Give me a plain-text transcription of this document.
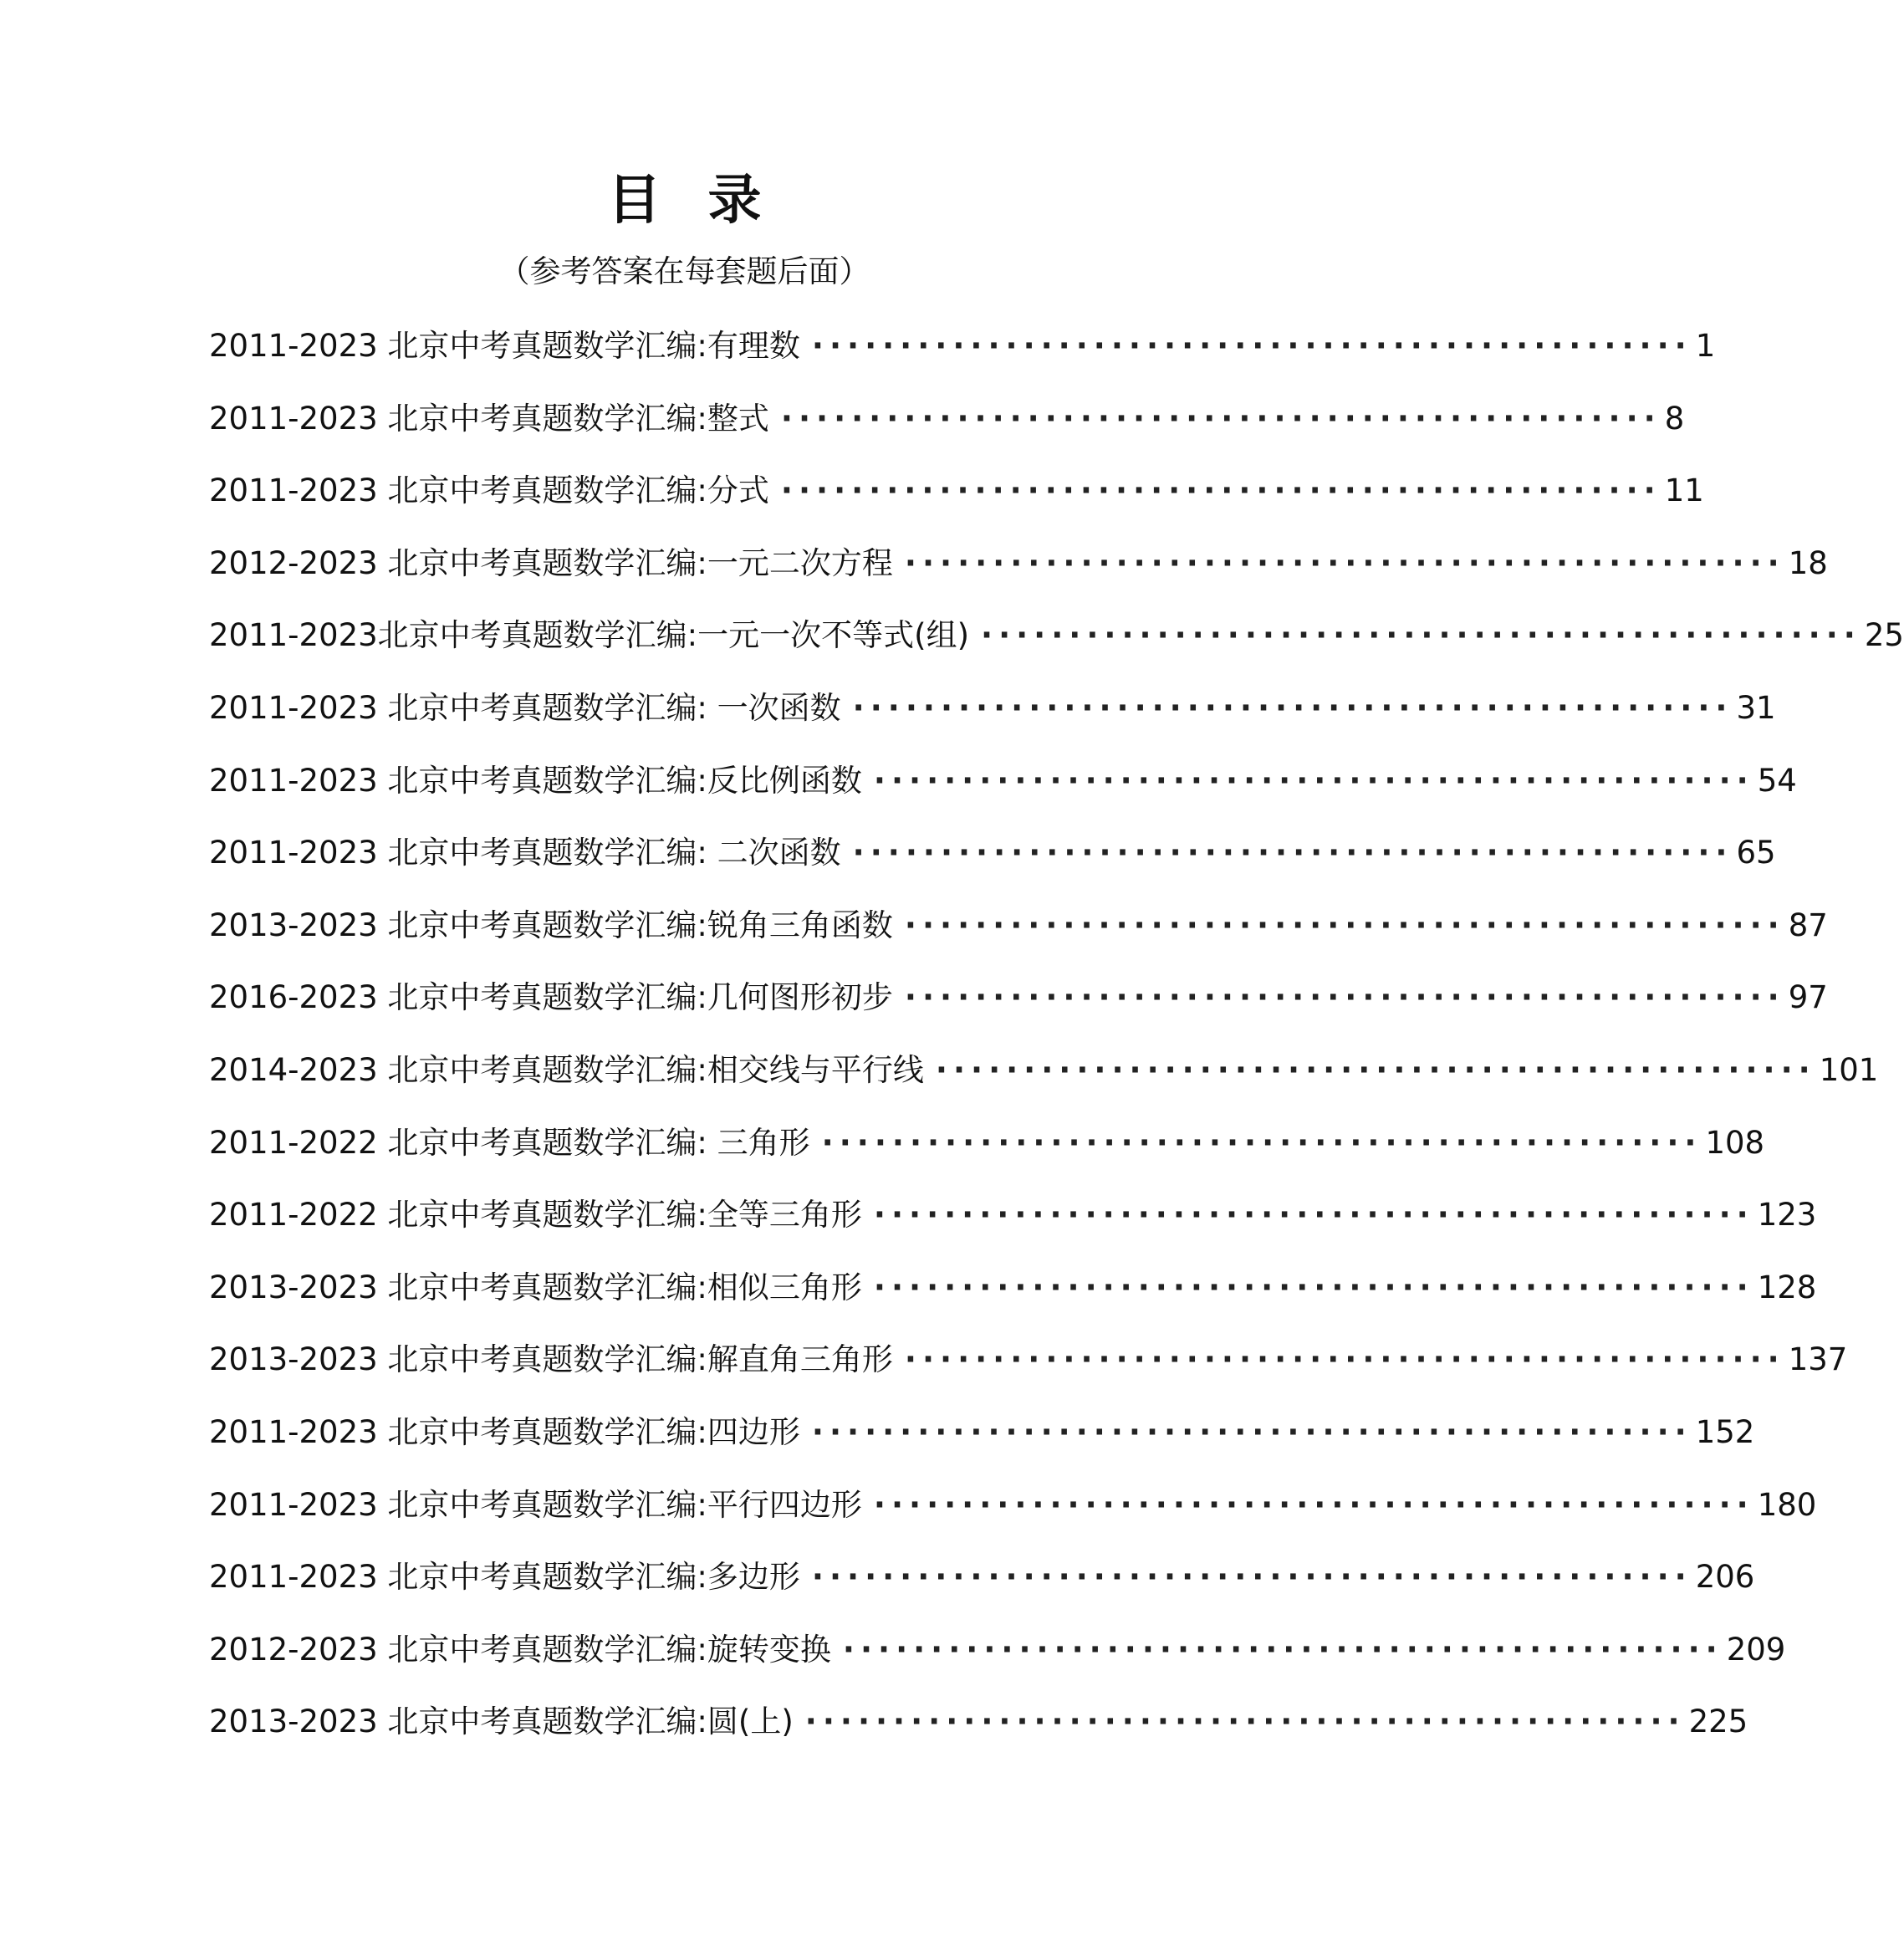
目录
（参考答案在每套题后面）
2011-2023 北京中考真题数学汇编:有理数 ·················································· 1
2011-2023 北京中考真题数学汇编:整式 ·················································· 8
2011-2023 北京中考真题数学汇编:分式 ·················································· 11
2012-2023 北京中考真题数学汇编:一元二次方程 ·················································· 18
2011-2023北京中考真题数学汇编:一元一次不等式(组) ·················································· 25
2011-2023 北京中考真题数学汇编: 一次函数 ·················································· 31
2011-2023 北京中考真题数学汇编:反比例函数 ·················································· 54
2011-2023 北京中考真题数学汇编: 二次函数 ·················································· 65
2013-2023 北京中考真题数学汇编:锐角三角函数 ·················································· 87
2016-2023 北京中考真题数学汇编:几何图形初步 ·················································· 97
2014-2023 北京中考真题数学汇编:相交线与平行线 ·················································· 101
2011-2022 北京中考真题数学汇编: 三角形 ·················································· 108
2011-2022 北京中考真题数学汇编:全等三角形 ·················································· 123
2013-2023 北京中考真题数学汇编:相似三角形 ·················································· 128
2013-2023 北京中考真题数学汇编:解直角三角形 ·················································· 137
2011-2023 北京中考真题数学汇编:四边形 ·················································· 152
2011-2023 北京中考真题数学汇编:平行四边形 ·················································· 180
2011-2023 北京中考真题数学汇编:多边形 ·················································· 206
2012-2023 北京中考真题数学汇编:旋转变换 ·················································· 209
2013-2023 北京中考真题数学汇编:圆(上) ·················································· 225
